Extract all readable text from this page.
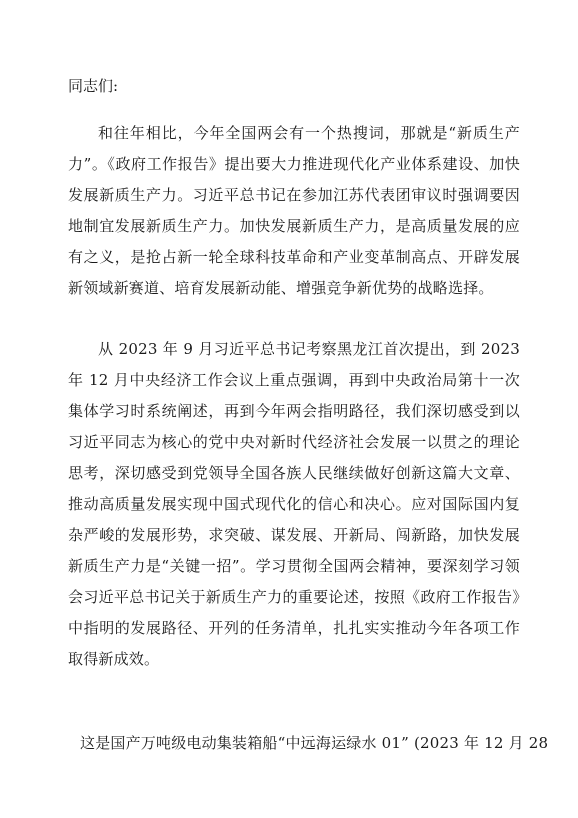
同志们:

和往年相比，今年全国两会有一个热搜词，那就是“新质生产力”。《政府工作报告》提出要大力推进现代化产业体系建设、加快发展新质生产力。习近平总书记在参加江苏代表团审议时强调要因地制宜发展新质生产力。加快发展新质生产力，是高质量发展的应有之义，是抢占新一轮全球科技革命和产业变革制高点、开辟发展新领域新赛道、培育发展新动能、增强竞争新优势的战略选择。

从 2023 年 9 月习近平总书记考察黑龙江首次提出，到 2023 年 12 月中央经济工作会议上重点强调，再到中央政治局第十一次集体学习时系统阐述，再到今年两会指明路径，我们深切感受到以习近平同志为核心的党中央对新时代经济社会发展一以贯之的理论思考，深切感受到党领导全国各族人民继续做好创新这篇大文章、推动高质量发展实现中国式现代化的信心和决心。应对国际国内复杂严峻的发展形势，求突破、谋发展、开新局、闯新路，加快发展新质生产力是“关键一招”。学习贯彻全国两会精神，要深刻学习领会习近平总书记关于新质生产力的重要论述，按照《政府工作报告》中指明的发展路径、开列的任务清单，扎扎实实推动今年各项工作取得新成效。

这是国产万吨级电动集装箱船“中远海运绿水 01” (2023 年 12 月 28
